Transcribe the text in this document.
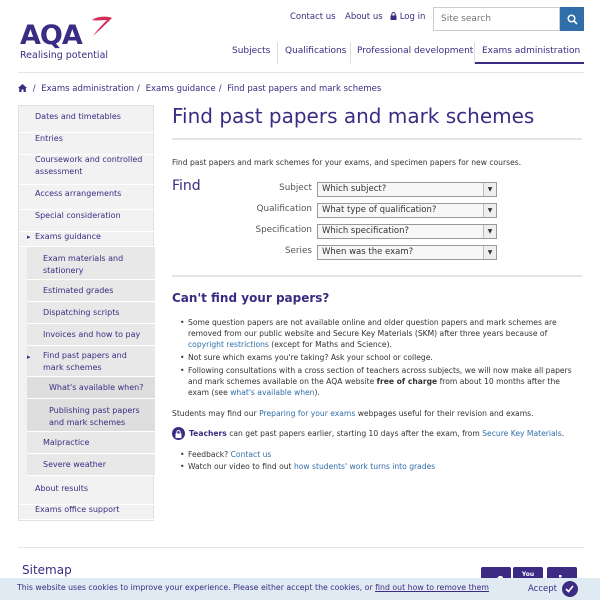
AQA
Realising potential
Contact us About us	Log in
Site search
Subjects	Qualifications	Professional development Exams administration
/ Exams administration / Exams guidance / Find past papers and mark schemes
Dates and timetables
Entries
Coursework and controlled assessment
Access arrangements
Special consideration
▸ Exams guidance
Exam materials and stationery
Estimated grades
Dispatching scripts
Invoices and how to pay
▸	Find past papers and mark schemes
What's available when?
Publishing past papers and mark schemes
Malpractice
Severe weather
About results
Exams office support
Find past papers and mark schemes
Find past papers and mark schemes for your exams, and specimen papers for new courses.
Find	Subject	Which subject?	▼
Qualification	What type of qualification?	▼
Specification	Which specification?	▼
Series	When was the exam?	▼
Can't find your papers?
• Some question papers are not available online and older question papers and mark schemes are removed from our public website and Secure Key Materials (SKM) after three years because of copyright restrictions (except for Maths and Science).
• Not sure which exams you're taking? Ask your school or college.
• Following consultations with a cross section of teachers across subjects, we will now make all papers and mark schemes available on the AQA website free of charge from about 10 months after the exam (see what's available when).
Students may find our Preparing for your exams webpages useful for their revision and exams.
Teachers
can get past papers earlier, starting 10 days after the exam, from
Secure Key Materials .
• Feedback? Contact us
• Watch our video to find out how students' work turns into grades
Sitemap	You
This website uses cookies to improve your experience. Please either accept the cookies, or find out how to remove them	Accept
